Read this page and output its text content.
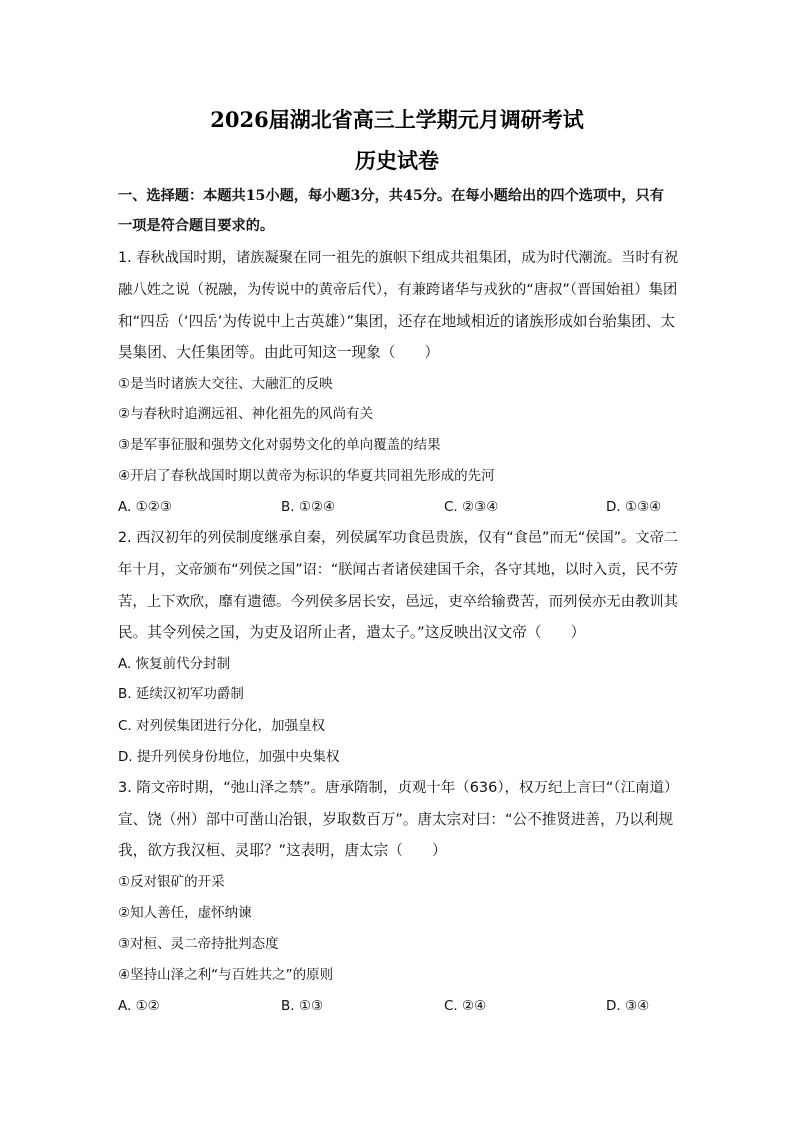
2026届湖北省高三上学期元月调研考试
历史试卷
一、选择题：本题共15小题，每小题3分，共45分。在每小题给出的四个选项中，只有
一项是符合题目要求的。
1. 春秋战国时期，诸族凝聚在同一祖先的旗帜下组成共祖集团，成为时代潮流。当时有祝
融八姓之说（祝融，为传说中的黄帝后代），有兼跨诸华与戎狄的“唐叔”（晋国始祖）集团
和“四岳（‘四岳’为传说中上古英雄）”集团，还存在地域相近的诸族形成如台骀集团、太
昊集团、大任集团等。由此可知这一现象（　　）
①是当时诸族大交往、大融汇的反映
②与春秋时追溯远祖、神化祖先的风尚有关
③是军事征服和强势文化对弱势文化的单向覆盖的结果
④开启了春秋战国时期以黄帝为标识的华夏共同祖先形成的先河
A. ①②③	B. ①②④	C. ②③④	D. ①③④
2. 西汉初年的列侯制度继承自秦，列侯属军功食邑贵族，仅有“食邑”而无“侯国”。文帝二
年十月，文帝颁布“列侯之国”诏：“朕闻古者诸侯建国千余，各守其地，以时入贡，民不劳
苦，上下欢欣，靡有遗德。今列侯多居长安，邑远，吏卒给输费苦，而列侯亦无由教训其
民。其令列侯之国，为吏及诏所止者，遣太子。”这反映出汉文帝（　　）
A. 恢复前代分封制
B. 延续汉初军功爵制
C. 对列侯集团进行分化，加强皇权
D. 提升列侯身份地位，加强中央集权
3. 隋文帝时期，“弛山泽之禁”。唐承隋制，贞观十年（636），权万纪上言曰“（江南道）
宣、饶（州）部中可凿山冶银，岁取数百万”。唐太宗对曰：“公不推贤进善，乃以利规
我，欲方我汉桓、灵耶？”这表明，唐太宗（　　）
①反对银矿的开采
②知人善任，虚怀纳谏
③对桓、灵二帝持批判态度
④坚持山泽之利“与百姓共之”的原则
A. ①②	B. ①③	C. ②④	D. ③④
